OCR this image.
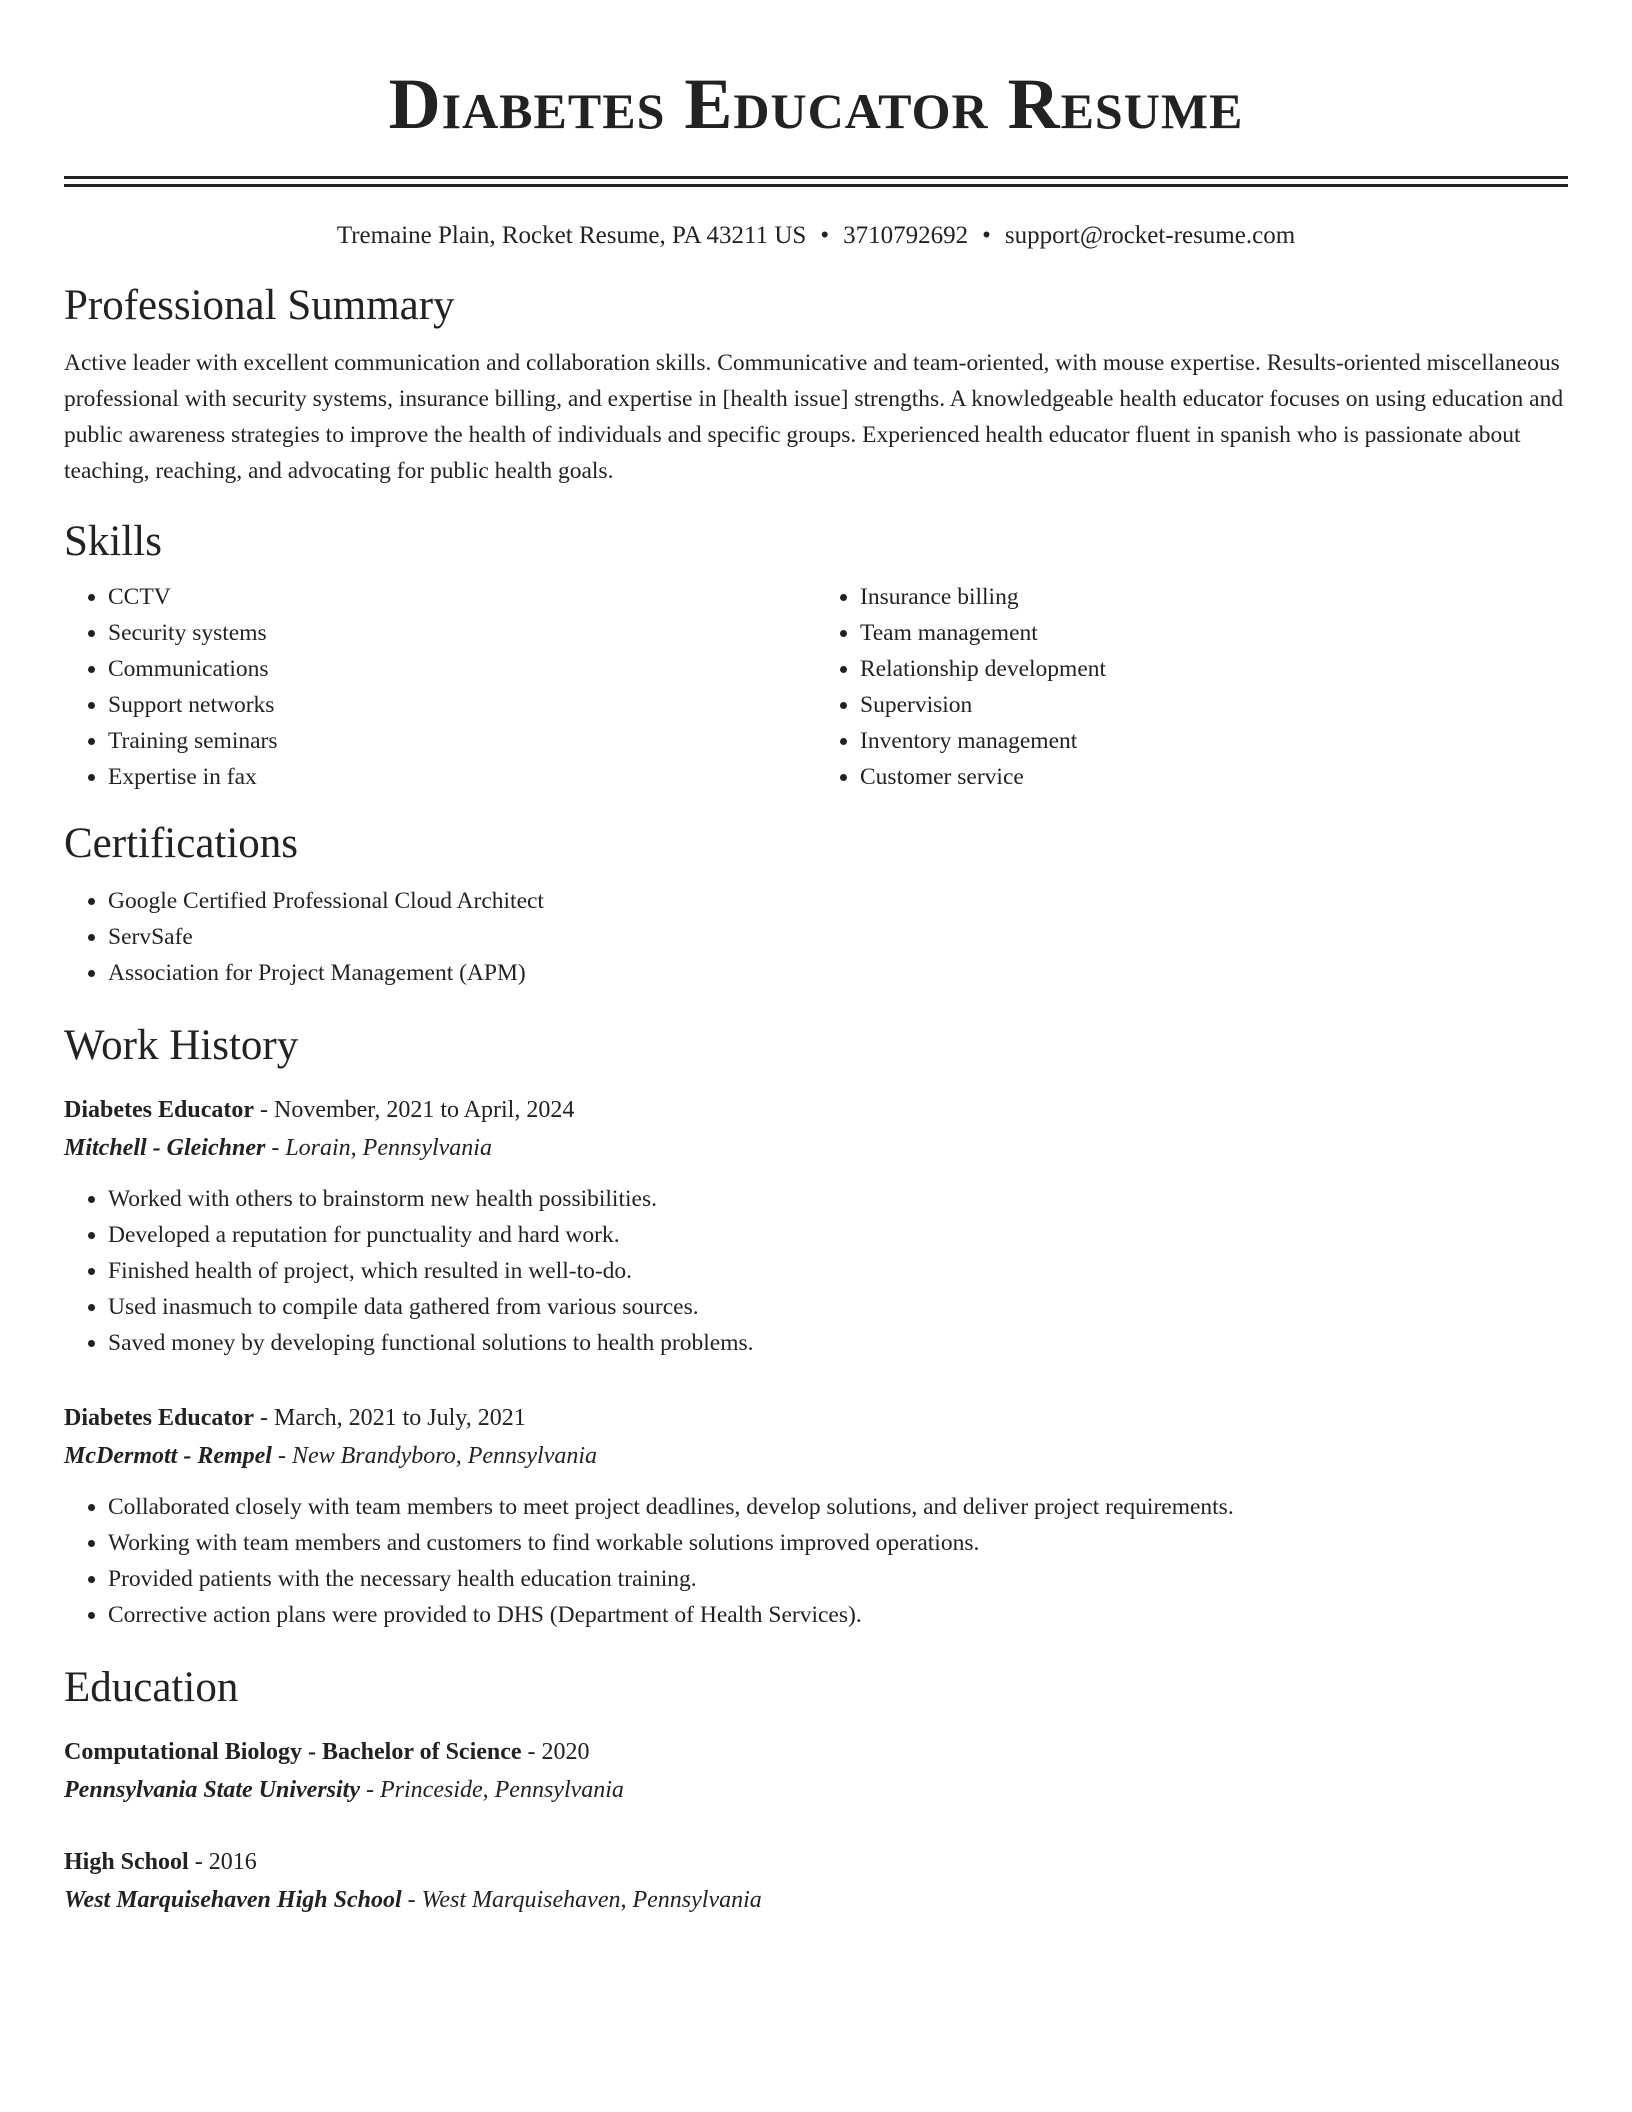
Diabetes Educator Resume
Tremaine Plain, Rocket Resume, PA 43211 US • 3710792692 • support@rocket-resume.com
Professional Summary

Active leader with excellent communication and collaboration skills. Communicative and team-oriented, with mouse expertise. Results-oriented miscellaneous professional with security systems, insurance billing, and expertise in [health issue] strengths. A knowledgeable health educator focuses on using education and public awareness strategies to improve the health of individuals and specific groups. Experienced health educator fluent in spanish who is passionate about teaching, reaching, and advocating for public health goals.

Skills
• CCTV
• Security systems
• Communications
• Support networks
• Training seminars
• Expertise in fax
• Insurance billing
• Team management
• Relationship development
• Supervision
• Inventory management
• Customer service
Certifications
• Google Certified Professional Cloud Architect
• ServSafe
• Association for Project Management (APM)
Work History
Diabetes Educator - November, 2021 to April, 2024
Mitchell - Gleichner - Lorain, Pennsylvania
• Worked with others to brainstorm new health possibilities.
• Developed a reputation for punctuality and hard work.
• Finished health of project, which resulted in well-to-do.
• Used inasmuch to compile data gathered from various sources.
• Saved money by developing functional solutions to health problems.
Diabetes Educator - March, 2021 to July, 2021
McDermott - Rempel - New Brandyboro, Pennsylvania
• Collaborated closely with team members to meet project deadlines, develop solutions, and deliver project requirements.
• Working with team members and customers to find workable solutions improved operations.
• Provided patients with the necessary health education training.
• Corrective action plans were provided to DHS (Department of Health Services).
Education
Computational Biology - Bachelor of Science - 2020
Pennsylvania State University - Princeside, Pennsylvania
High School - 2016
West Marquisehaven High School - West Marquisehaven, Pennsylvania
